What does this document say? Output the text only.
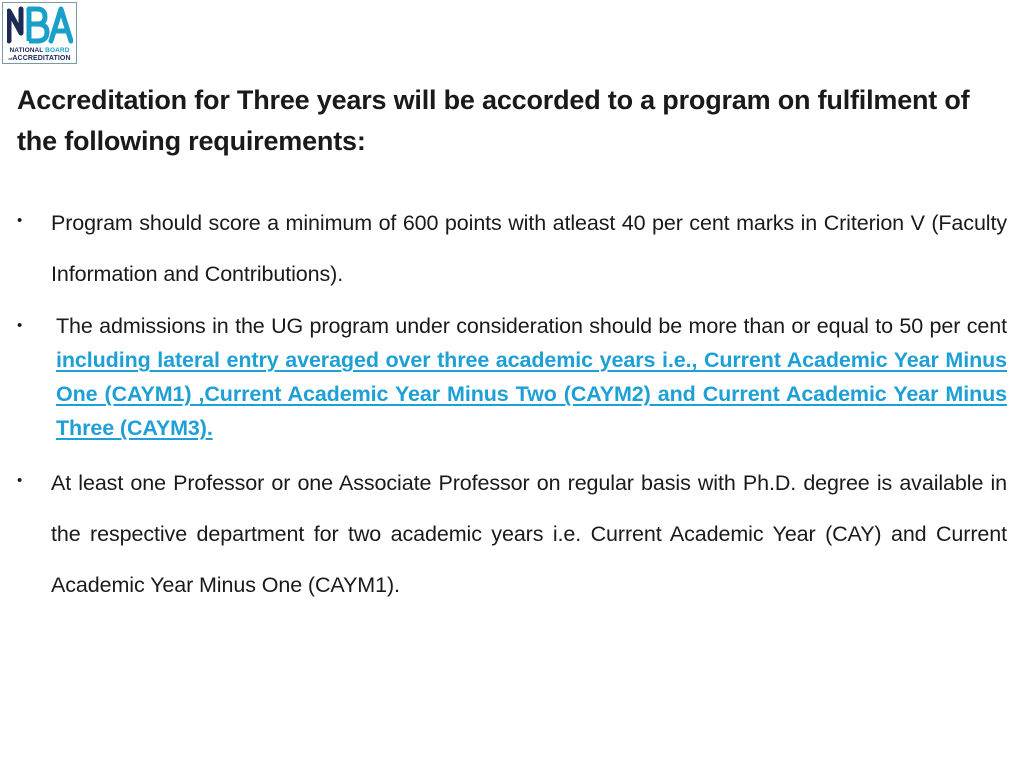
NATIONAL BOARD
ofACCREDITATION
Accreditation for Three years will be accorded to a program on fulfilment of the following requirements:
• Program should score a minimum of 600 points with atleast 40 per cent marks in Criterion V (Faculty Information and Contributions).
• The admissions in the UG program under consideration should be more than or equal to 50 per cent including lateral entry averaged over three academic years i.e., Current Academic Year Minus One (CAYM1) ,Current Academic Year Minus Two (CAYM2) and Current Academic Year Minus Three (CAYM3).
• At least one Professor or one Associate Professor on regular basis with Ph.D. degree is available in the respective department for two academic years i.e. Current Academic Year (CAY) and Current Academic Year Minus One (CAYM1).
